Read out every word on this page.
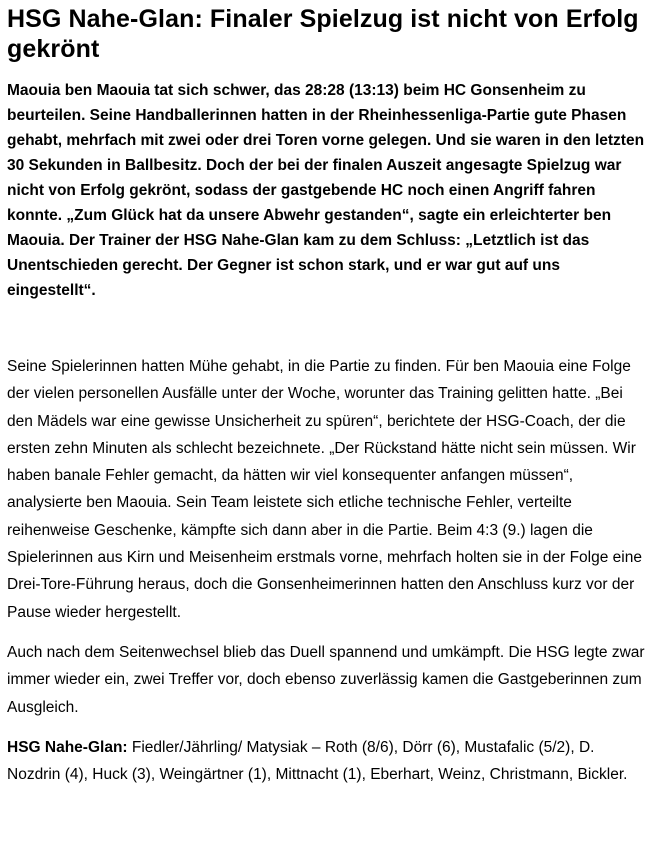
HSG Nahe-Glan: Finaler Spielzug ist nicht von Erfolg gekrönt

Maouia ben Maouia tat sich schwer, das 28:28 (13:13) beim HC Gonsenheim zu beurteilen. Seine Handballerinnen hatten in der Rheinhessenliga-Partie gute Phasen gehabt, mehrfach mit zwei oder drei Toren vorne gelegen. Und sie waren in den letzten 30 Sekunden in Ballbesitz. Doch der bei der finalen Auszeit angesagte Spielzug war nicht von Erfolg gekrönt, sodass der gastgebende HC noch einen Angriff fahren konnte. „Zum Glück hat da unsere Abwehr gestanden“, sagte ein erleichterter ben Maouia. Der Trainer der HSG Nahe-Glan kam zu dem Schluss: „Letztlich ist das Unentschieden gerecht. Der Gegner ist schon stark, und er war gut auf uns eingestellt“.

Seine Spielerinnen hatten Mühe gehabt, in die Partie zu finden. Für ben Maouia eine Folge der vielen personellen Ausfälle unter der Woche, worunter das Training gelitten hatte. „Bei den Mädels war eine gewisse Unsicherheit zu spüren“, berichtete der HSG-Coach, der die ersten zehn Minuten als schlecht bezeichnete. „Der Rückstand hätte nicht sein müssen. Wir haben banale Fehler gemacht, da hätten wir viel konsequenter anfangen müssen“, analysierte ben Maouia. Sein Team leistete sich etliche technische Fehler, verteilte reihenweise Geschenke, kämpfte sich dann aber in die Partie. Beim 4:3 (9.) lagen die Spielerinnen aus Kirn und Meisenheim erstmals vorne, mehrfach holten sie in der Folge eine Drei-Tore-Führung heraus, doch die Gonsenheimerinnen hatten den Anschluss kurz vor der Pause wieder hergestellt.

Auch nach dem Seitenwechsel blieb das Duell spannend und umkämpft. Die HSG legte zwar immer wieder ein, zwei Treffer vor, doch ebenso zuverlässig kamen die Gastgeberinnen zum Ausgleich.

HSG Nahe-Glan: Fiedler/Jährling/ Matysiak – Roth (8/6), Dörr (6), Mustafalic (5/2), D. Nozdrin (4), Huck (3), Weingärtner (1), Mittnacht (1), Eberhart, Weinz, Christmann, Bickler.
